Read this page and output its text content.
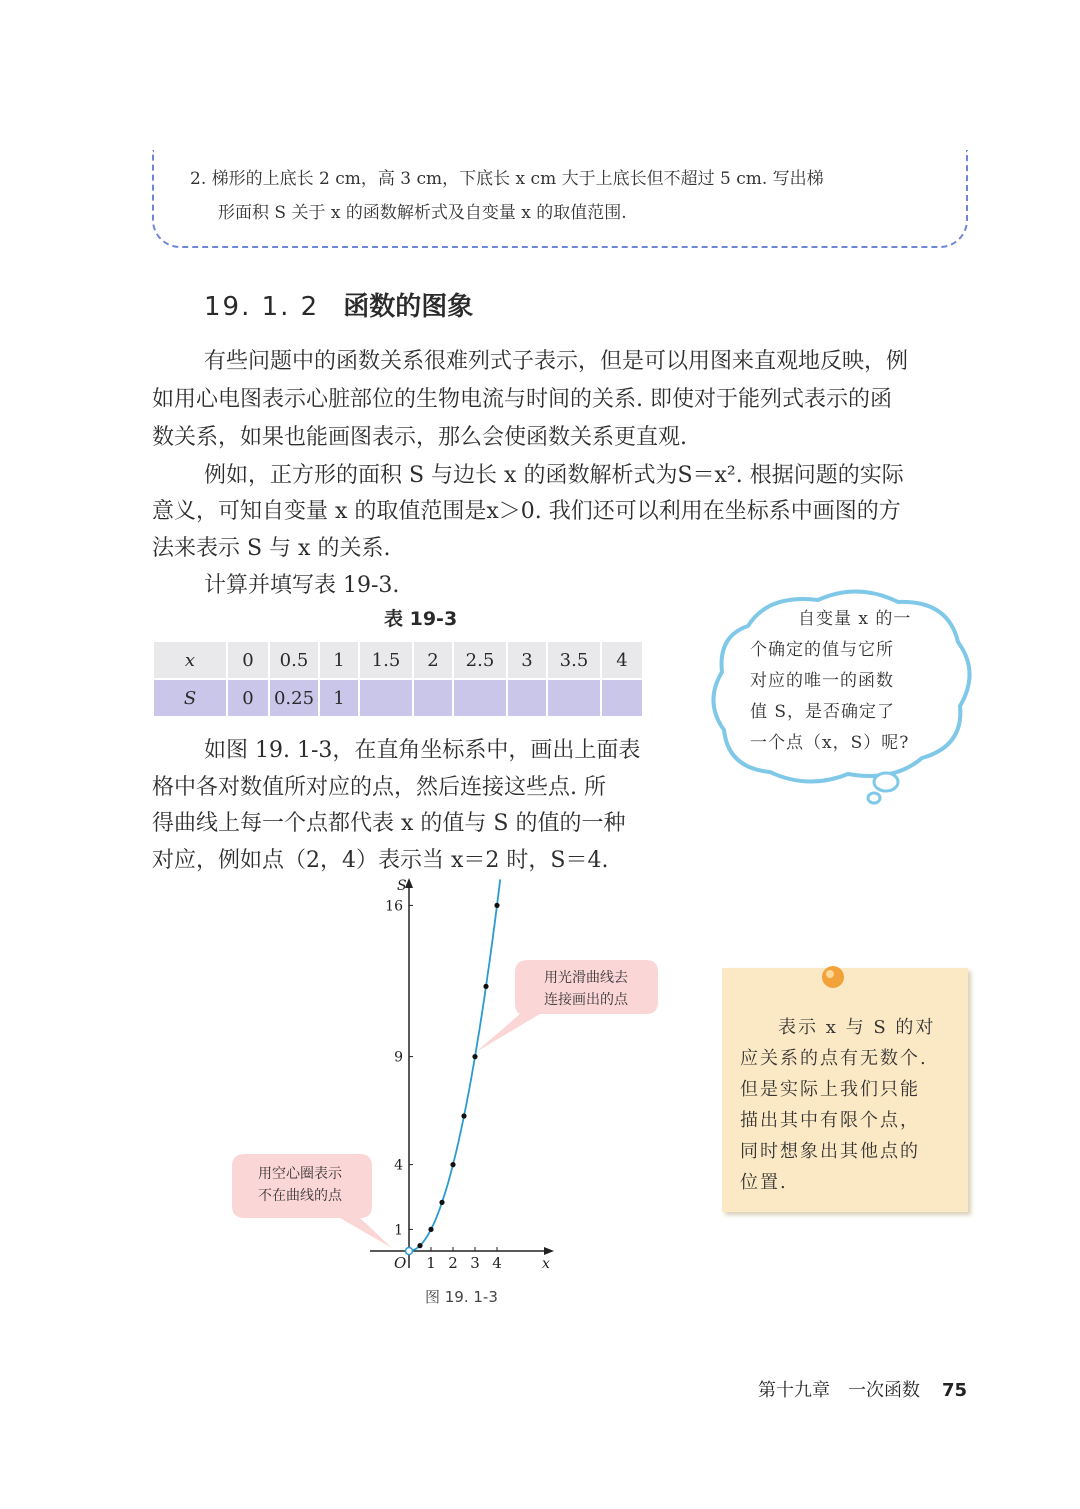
2. 梯形的上底长 2 cm，高 3 cm，下底长 x cm 大于上底长但不超过 5 cm. 写出梯
形面积 S 关于 x 的函数解析式及自变量 x 的取值范围.
19. 1. 2 函数的图象
有些问题中的函数关系很难列式子表示，但是可以用图来直观地反映，例
如用心电图表示心脏部位的生物电流与时间的关系. 即使对于能列式表示的函
数关系，如果也能画图表示，那么会使函数关系更直观.
例如，正方形的面积 S 与边长 x 的函数解析式为S＝x². 根据问题的实际
意义，可知自变量 x 的取值范围是x＞0. 我们还可以利用在坐标系中画图的方
法来表示 S 与 x 的关系.
计算并填写表 19-3.
表 19-3
x	0	0.5	1	1.5	2	2.5	3	3.5	4
S	0	0.25	1						
自变量 x 的一
个确定的值与它所
对应的唯一的函数
值 S，是否确定了
一个点（x，S）呢?
如图 19. 1-3，在直角坐标系中，画出上面表
格中各对数值所对应的点，然后连接这些点. 所
得曲线上每一个点都代表 x 的值与 S 的值的一种
对应，例如点（2，4）表示当 x＝2 时，S＝4.
用光滑曲线去
连接画出的点
用空心圈表示
不在曲线的点
S
x
O 1 2 3 4
1
4
9
16
图 19. 1-3
表示 x 与 S 的对
应关系的点有无数个.
但是实际上我们只能
描出其中有限个点，
同时想象出其他点的
位置.
第十九章　一次函数 75
